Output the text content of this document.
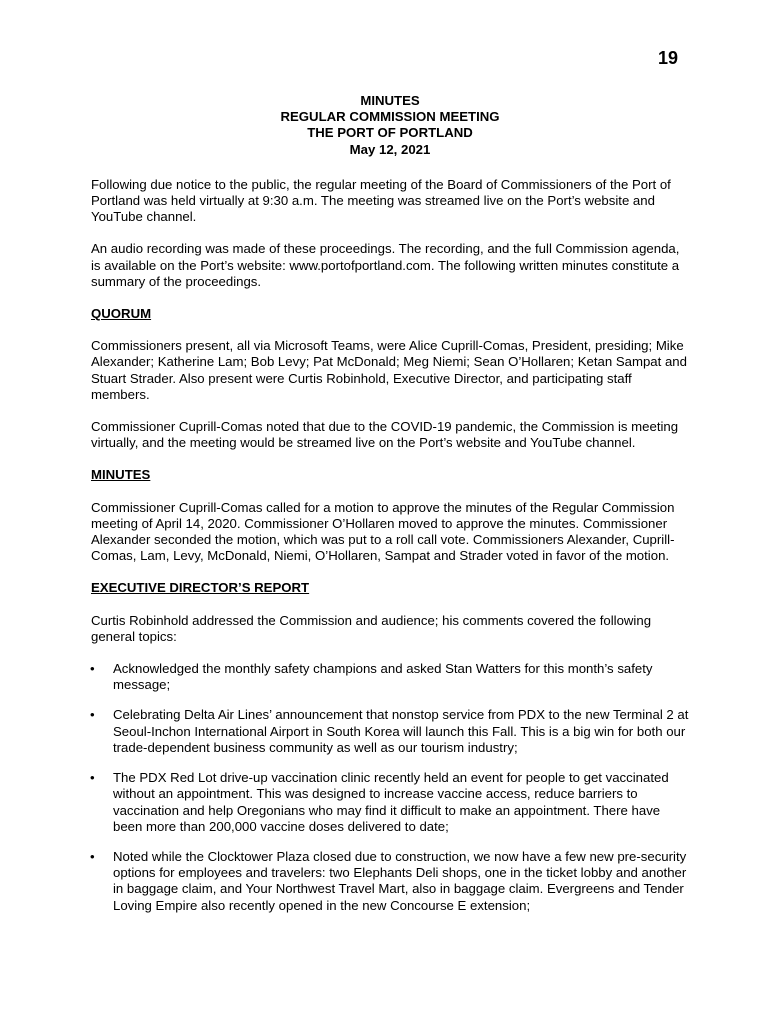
19
MINUTES
REGULAR COMMISSION MEETING
THE PORT OF PORTLAND
May 12, 2021

Following due notice to the public, the regular meeting of the Board of Commissioners of the Port of Portland was held virtually at 9:30 a.m. The meeting was streamed live on the Port’s website and YouTube channel.

An audio recording was made of these proceedings. The recording, and the full Commission agenda, is available on the Port’s website: www.portofportland.com. The following written minutes constitute a summary of the proceedings.

QUORUM

Commissioners present, all via Microsoft Teams, were Alice Cuprill-Comas, President, presiding; Mike Alexander; Katherine Lam; Bob Levy; Pat McDonald; Meg Niemi; Sean O’Hollaren; Ketan Sampat and Stuart Strader. Also present were Curtis Robinhold, Executive Director, and participating staff members.

Commissioner Cuprill-Comas noted that due to the COVID-19 pandemic, the Commission is meeting virtually, and the meeting would be streamed live on the Port’s website and YouTube channel.

MINUTES

Commissioner Cuprill-Comas called for a motion to approve the minutes of the Regular Commission meeting of April 14, 2020. Commissioner O’Hollaren moved to approve the minutes. Commissioner Alexander seconded the motion, which was put to a roll call vote. Commissioners Alexander, Cuprill-Comas, Lam, Levy, McDonald, Niemi, O’Hollaren, Sampat and Strader voted in favor of the motion.

EXECUTIVE DIRECTOR’S REPORT

Curtis Robinhold addressed the Commission and audience; his comments covered the following general topics:

• Acknowledged the monthly safety champions and asked Stan Watters for this month’s safety message;
• Celebrating Delta Air Lines’ announcement that nonstop service from PDX to the new Terminal 2 at Seoul-Inchon International Airport in South Korea will launch this Fall. This is a big win for both our trade-dependent business community as well as our tourism industry;
• The PDX Red Lot drive-up vaccination clinic recently held an event for people to get vaccinated without an appointment. This was designed to increase vaccine access, reduce barriers to vaccination and help Oregonians who may find it difficult to make an appointment. There have been more than 200,000 vaccine doses delivered to date;
• Noted while the Clocktower Plaza closed due to construction, we now have a few new pre-security options for employees and travelers: two Elephants Deli shops, one in the ticket lobby and another in baggage claim, and Your Northwest Travel Mart, also in baggage claim. Evergreens and Tender Loving Empire also recently opened in the new Concourse E extension;
